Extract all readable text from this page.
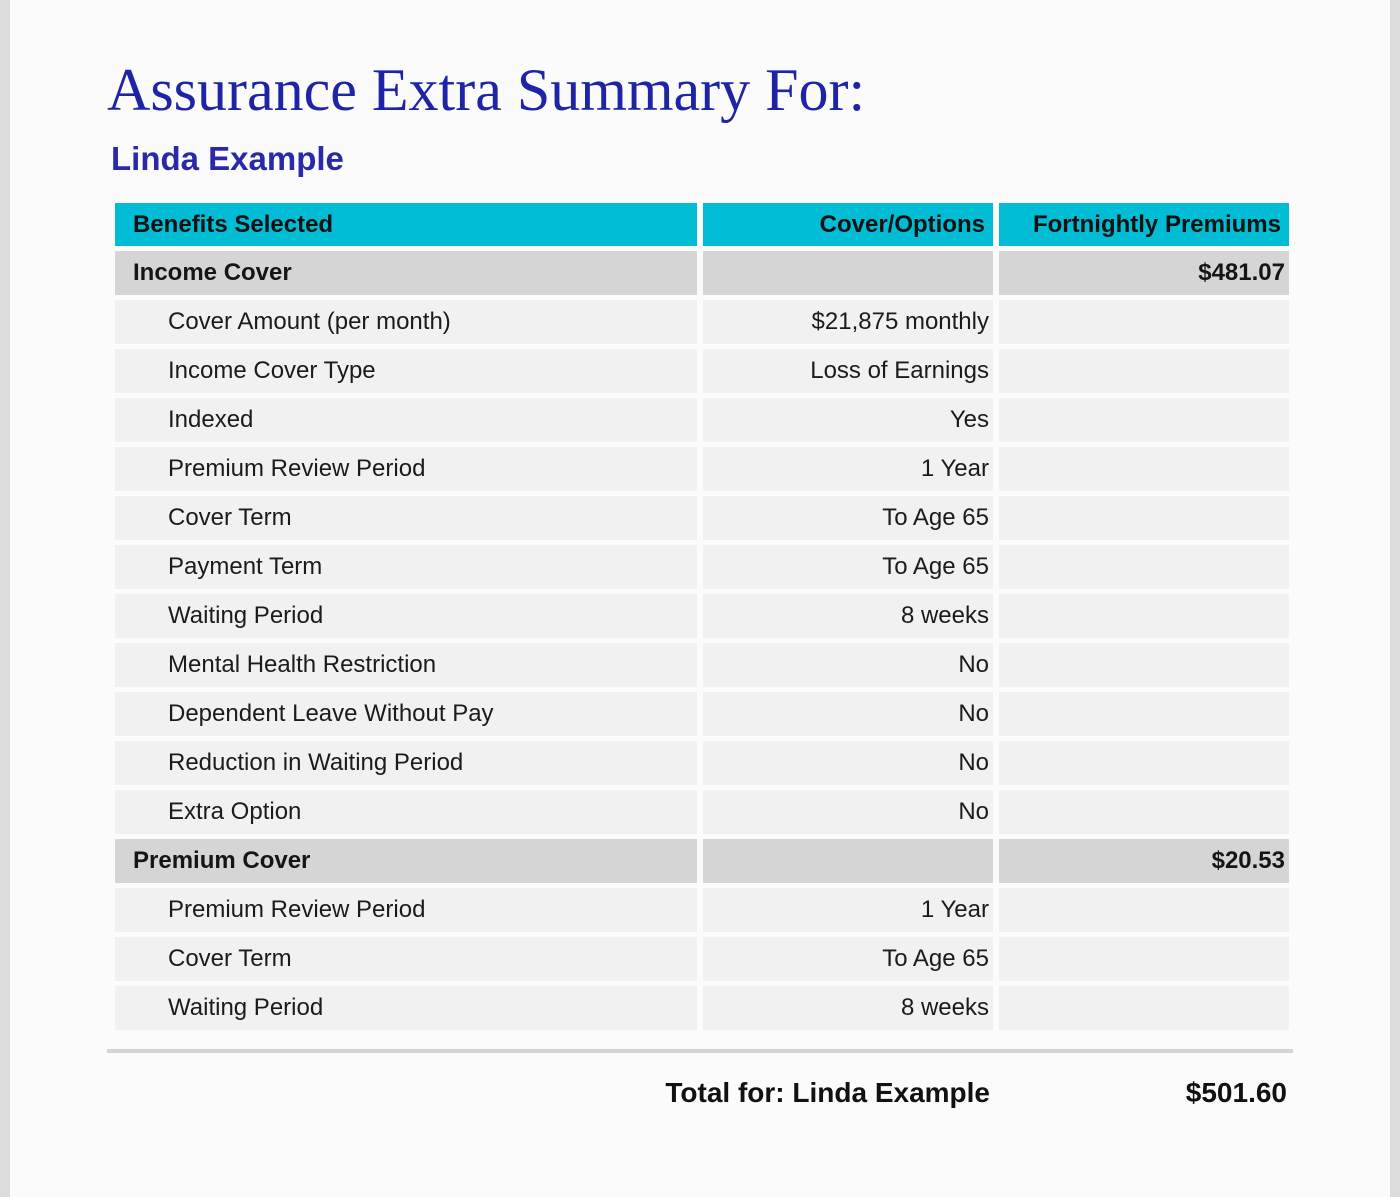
Assurance Extra Summary For:
Linda Example
Benefits Selected	Cover/Options	Fortnightly Premiums
Income Cover		$481.07
Cover Amount (per month)	$21,875 monthly	
Income Cover Type	Loss of Earnings	
Indexed	Yes	
Premium Review Period	1 Year	
Cover Term	To Age 65	
Payment Term	To Age 65	
Waiting Period	8 weeks	
Mental Health Restriction	No	
Dependent Leave Without Pay	No	
Reduction in Waiting Period	No	
Extra Option	No	
Premium Cover		$20.53
Premium Review Period	1 Year	
Cover Term	To Age 65	
Waiting Period	8 weeks	
Total for: Linda Example	$501.60
